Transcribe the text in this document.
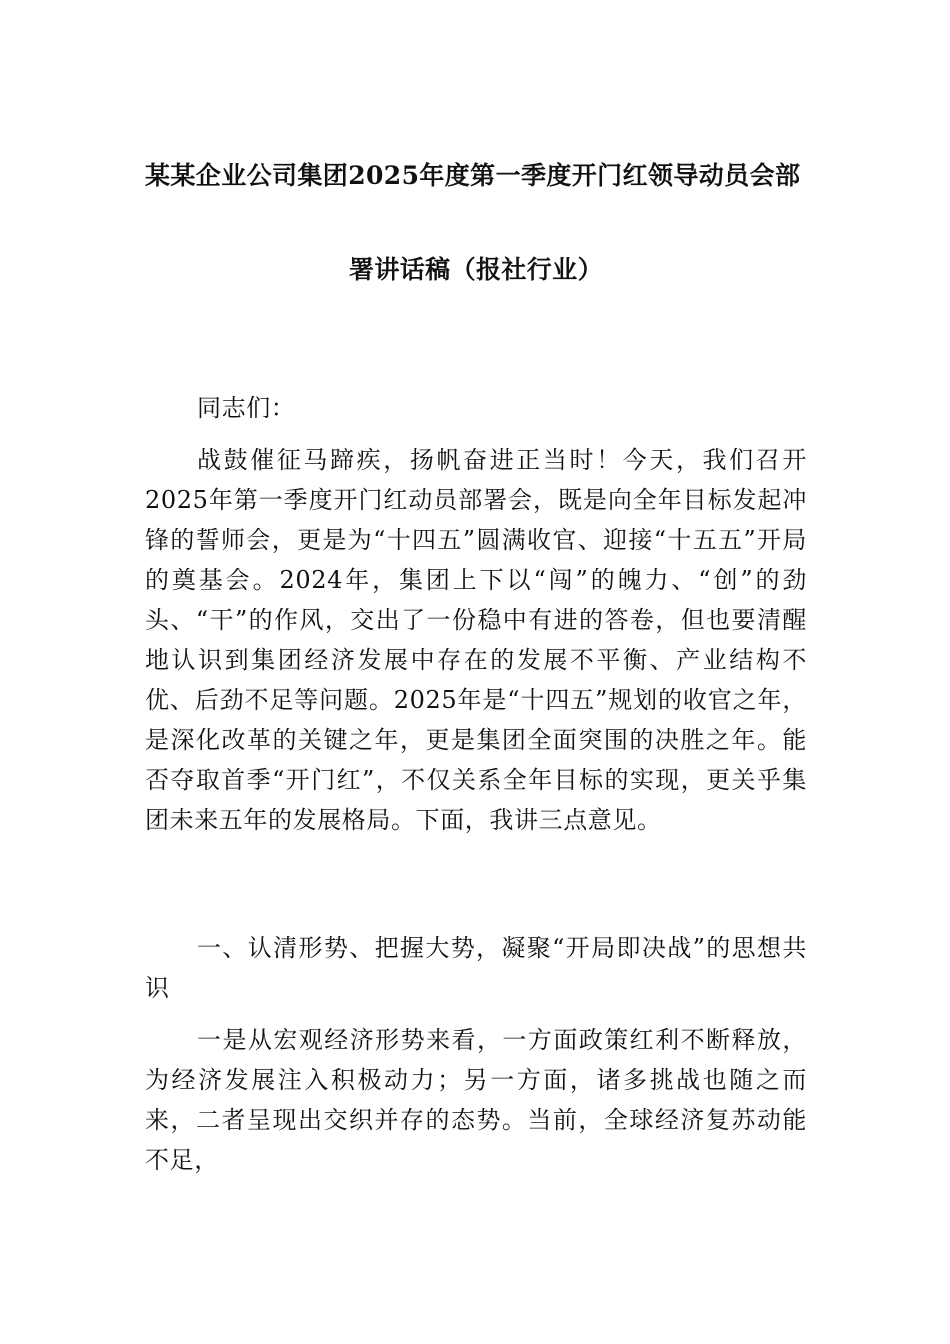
某某企业公司集团2025年度第一季度开门红领导动员会部
署讲话稿（报社行业）
同志们：
战鼓催征马蹄疾，扬帆奋进正当时！今天，我们召开2025年第一季度开门红动员部署会，既是向全年目标发起冲锋的誓师会，更是为“十四五”圆满收官、迎接“十五五”开局的奠基会。2024年，集团上下以“闯”的魄力、“创”的劲头、“干”的作风，交出了一份稳中有进的答卷，但也要清醒地认识到集团经济发展中存在的发展不平衡、产业结构不优、后劲不足等问题。2025年是“十四五”规划的收官之年，是深化改革的关键之年，更是集团全面突围的决胜之年。能否夺取首季“开门红”，不仅关系全年目标的实现，更关乎集团未来五年的发展格局。下面，我讲三点意见。
一、认清形势、把握大势，凝聚“开局即决战”的思想共识
一是从宏观经济形势来看，一方面政策红利不断释放，为经济发展注入积极动力；另一方面，诸多挑战也随之而来，二者呈现出交织并存的态势。当前，全球经济复苏动能不足，
